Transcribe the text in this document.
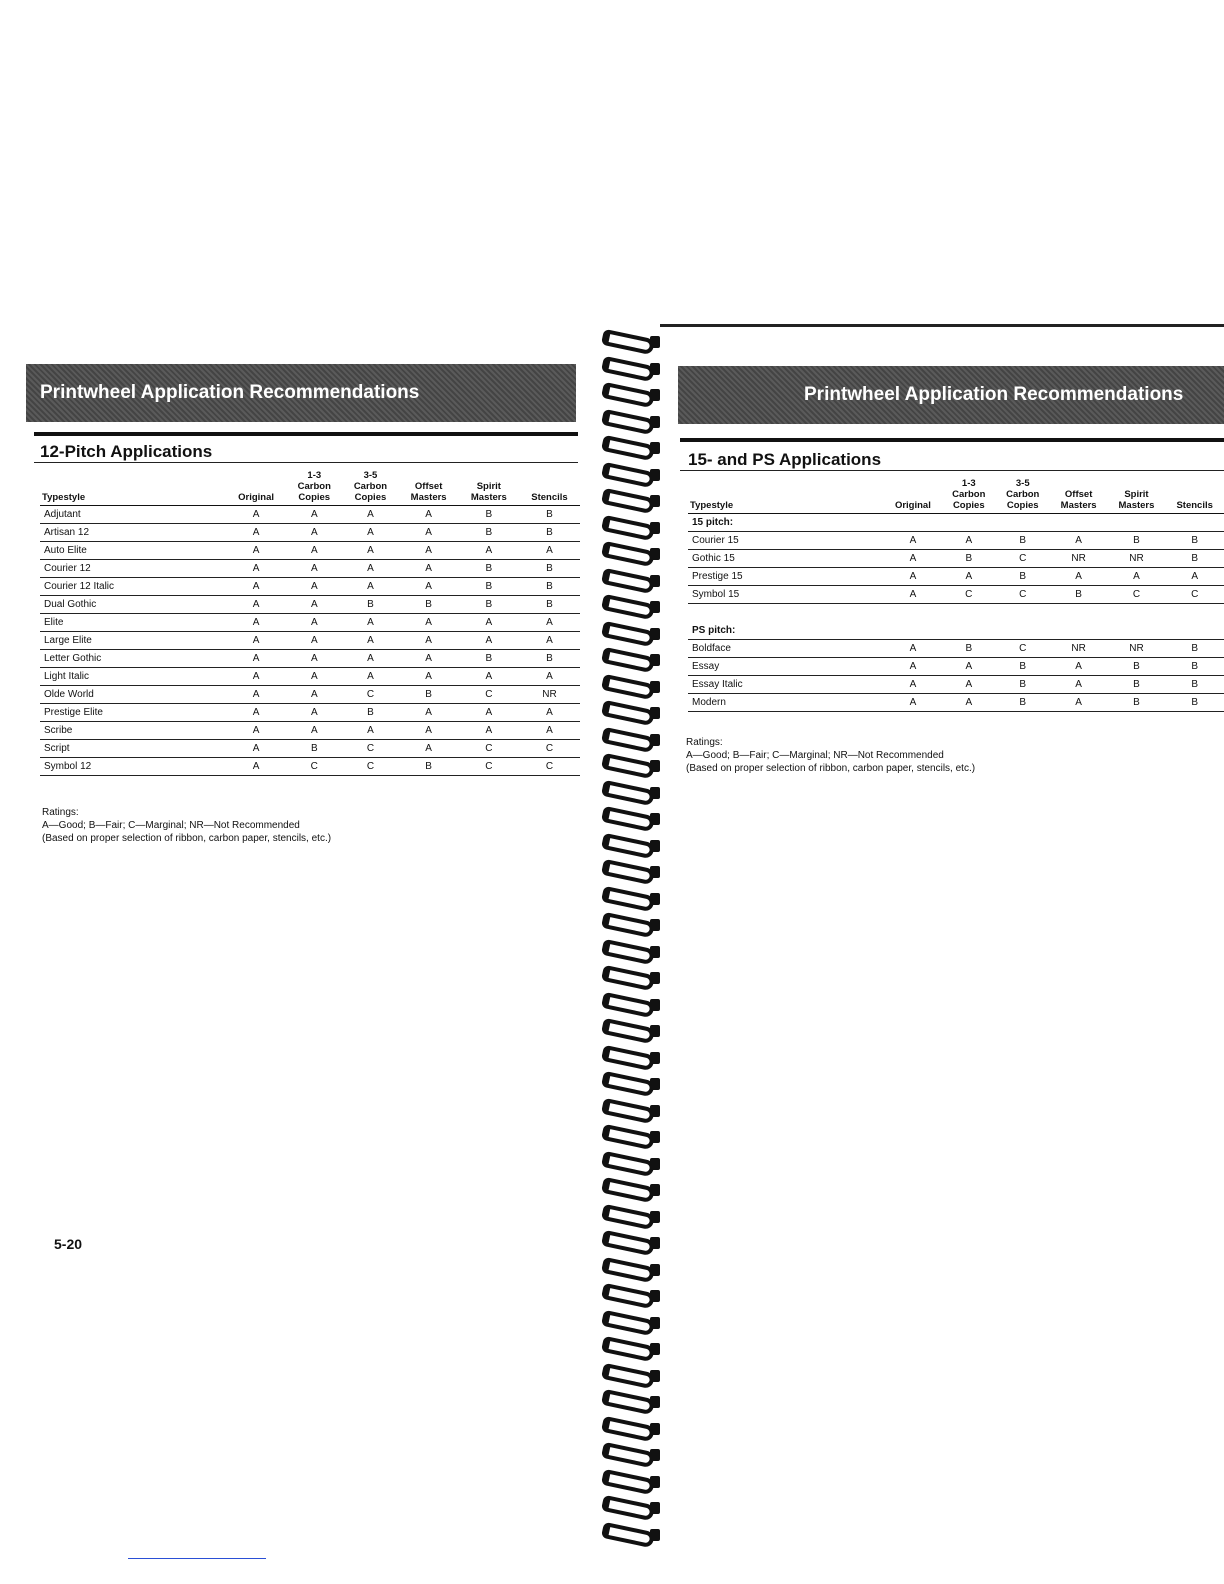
Printwheel Application Recommendations
12-Pitch Applications
Typestyle	Original	1-3
Carbon
Copies	3-5
Carbon
Copies	Offset
Masters	Spirit
Masters	Stencils
Adjutant	A	A	A	A	B	B
Artisan 12	A	A	A	A	B	B
Auto Elite	A	A	A	A	A	A
Courier 12	A	A	A	A	B	B
Courier 12 Italic	A	A	A	A	B	B
Dual Gothic	A	A	B	B	B	B
Elite	A	A	A	A	A	A
Large Elite	A	A	A	A	A	A
Letter Gothic	A	A	A	A	B	B
Light Italic	A	A	A	A	A	A
Olde World	A	A	C	B	C	NR
Prestige Elite	A	A	B	A	A	A
Scribe	A	A	A	A	A	A
Script	A	B	C	A	C	C
Symbol 12	A	C	C	B	C	C
Ratings:
A—Good; B—Fair; C—Marginal; NR—Not Recommended
(Based on proper selection of ribbon, carbon paper, stencils, etc.)
5-20
Printwheel Application Recommendations
15- and PS Applications
Typestyle	Original	1-3
Carbon
Copies	3-5
Carbon
Copies	Offset
Masters	Spirit
Masters	Stencils
15 pitch:						
Courier 15	A	A	B	A	B	B
Gothic 15	A	B	C	NR	NR	B
Prestige 15	A	A	B	A	A	A
Symbol 15	A	C	C	B	C	C

PS pitch:						
Boldface	A	B	C	NR	NR	B
Essay	A	A	B	A	B	B
Essay Italic	A	A	B	A	B	B
Modern	A	A	B	A	B	B
Ratings:
A—Good; B—Fair; C—Marginal; NR—Not Recommended
(Based on proper selection of ribbon, carbon paper, stencils, etc.)
